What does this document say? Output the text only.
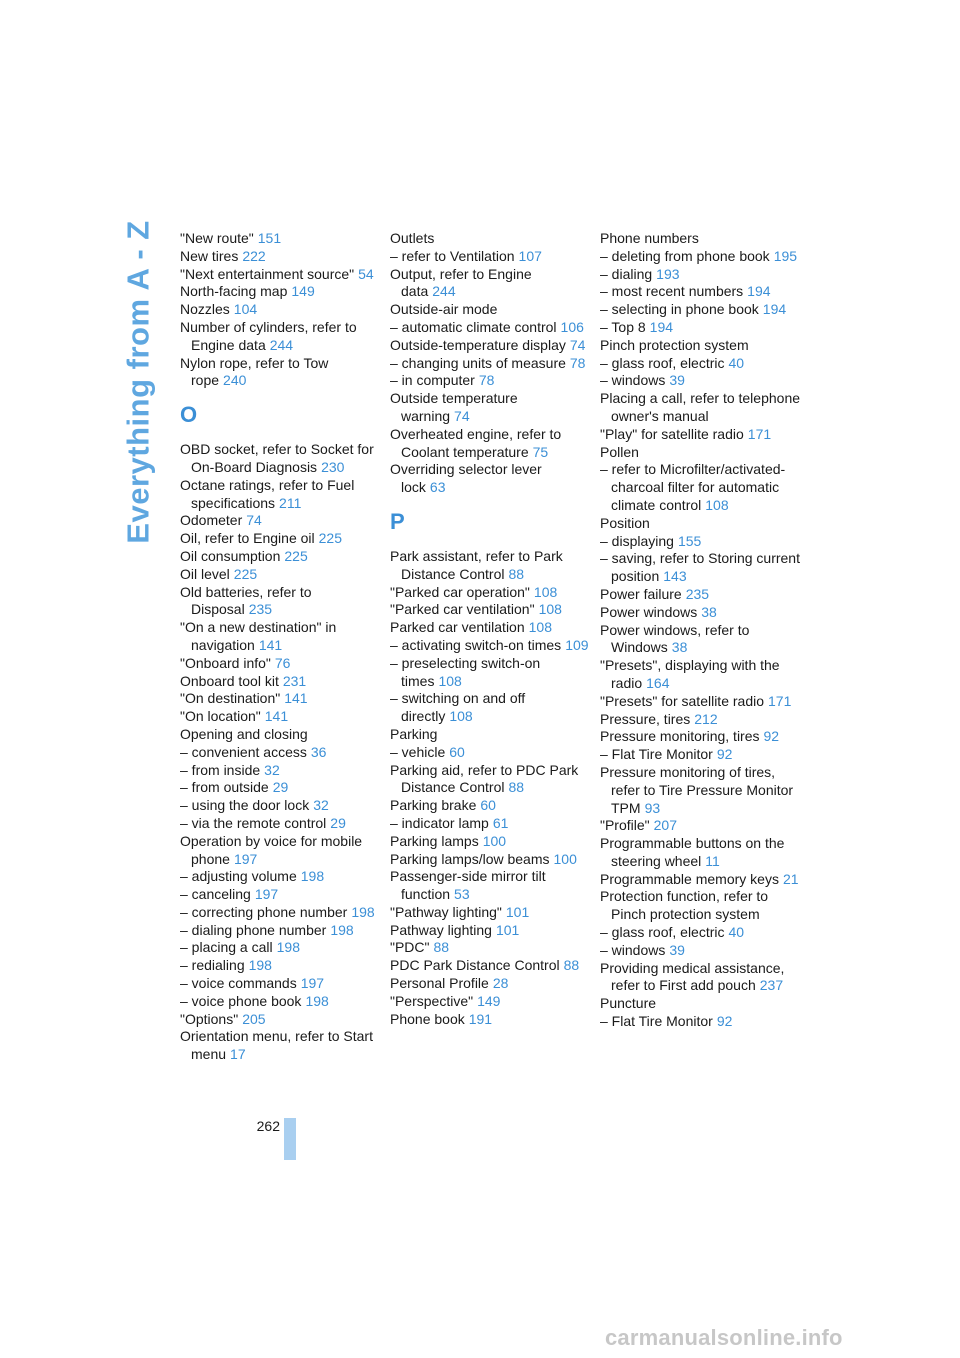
Everything from A - Z "New route" 151
New tires 222
"Next entertainment source" 54
North-facing map 149
Nozzles 104
Number of cylinders, refer to Engine data 244
Nylon rope, refer to Tow rope 240
O
OBD socket, refer to Socket for On-Board Diagnosis 230
Octane ratings, refer to Fuel specifications 211
Odometer 74
Oil, refer to Engine oil 225
Oil consumption 225
Oil level 225
Old batteries, refer to Disposal 235
"On a new destination" in navigation 141
"Onboard info" 76
Onboard tool kit 231
"On destination" 141
"On location" 141
Opening and closing
– convenient access 36
– from inside 32
– from outside 29
– using the door lock 32
– via the remote control 29
Operation by voice for mobile phone 197
– adjusting volume 198
– canceling 197
– correcting phone number 198
– dialing phone number 198
– placing a call 198
– redialing 198
– voice commands 197
– voice phone book 198
"Options" 205
Orientation menu, refer to Start menu 17
Outlets
– refer to Ventilation 107
Output, refer to Engine data 244
Outside-air mode
– automatic climate control 106
Outside-temperature display 74
– changing units of measure 78
– in computer 78
Outside temperature warning 74
Overheated engine, refer to Coolant temperature 75
Overriding selector lever lock 63
P
Park assistant, refer to Park Distance Control 88
"Parked car operation" 108
"Parked car ventilation" 108
Parked car ventilation 108
– activating switch-on times 109
– preselecting switch-on times 108
– switching on and off directly 108
Parking
– vehicle 60
Parking aid, refer to PDC Park Distance Control 88
Parking brake 60
– indicator lamp 61
Parking lamps 100
Parking lamps/low beams 100
Passenger-side mirror tilt function 53
"Pathway lighting" 101
Pathway lighting 101
"PDC" 88
PDC Park Distance Control 88
Personal Profile 28
"Perspective" 149
Phone book 191
Phone numbers
– deleting from phone book 195
– dialing 193
– most recent numbers 194
– selecting in phone book 194
– Top 8 194
Pinch protection system
– glass roof, electric 40
– windows 39
Placing a call, refer to telephone owner's manual
"Play" for satellite radio 171
Pollen
– refer to Microfilter/activated-charcoal filter for automatic climate control 108
Position
– displaying 155
– saving, refer to Storing current position 143
Power failure 235
Power windows 38
Power windows, refer to Windows 38
"Presets", displaying with the radio 164
"Presets" for satellite radio 171
Pressure, tires 212
Pressure monitoring, tires 92
– Flat Tire Monitor 92
Pressure monitoring of tires, refer to Tire Pressure Monitor TPM 93
"Profile" 207
Programmable buttons on the steering wheel 11
Programmable memory keys 21
Protection function, refer to Pinch protection system
– glass roof, electric 40
– windows 39
Providing medical assistance, refer to First add pouch 237
Puncture
– Flat Tire Monitor 92
262
carmanualsonline.info
